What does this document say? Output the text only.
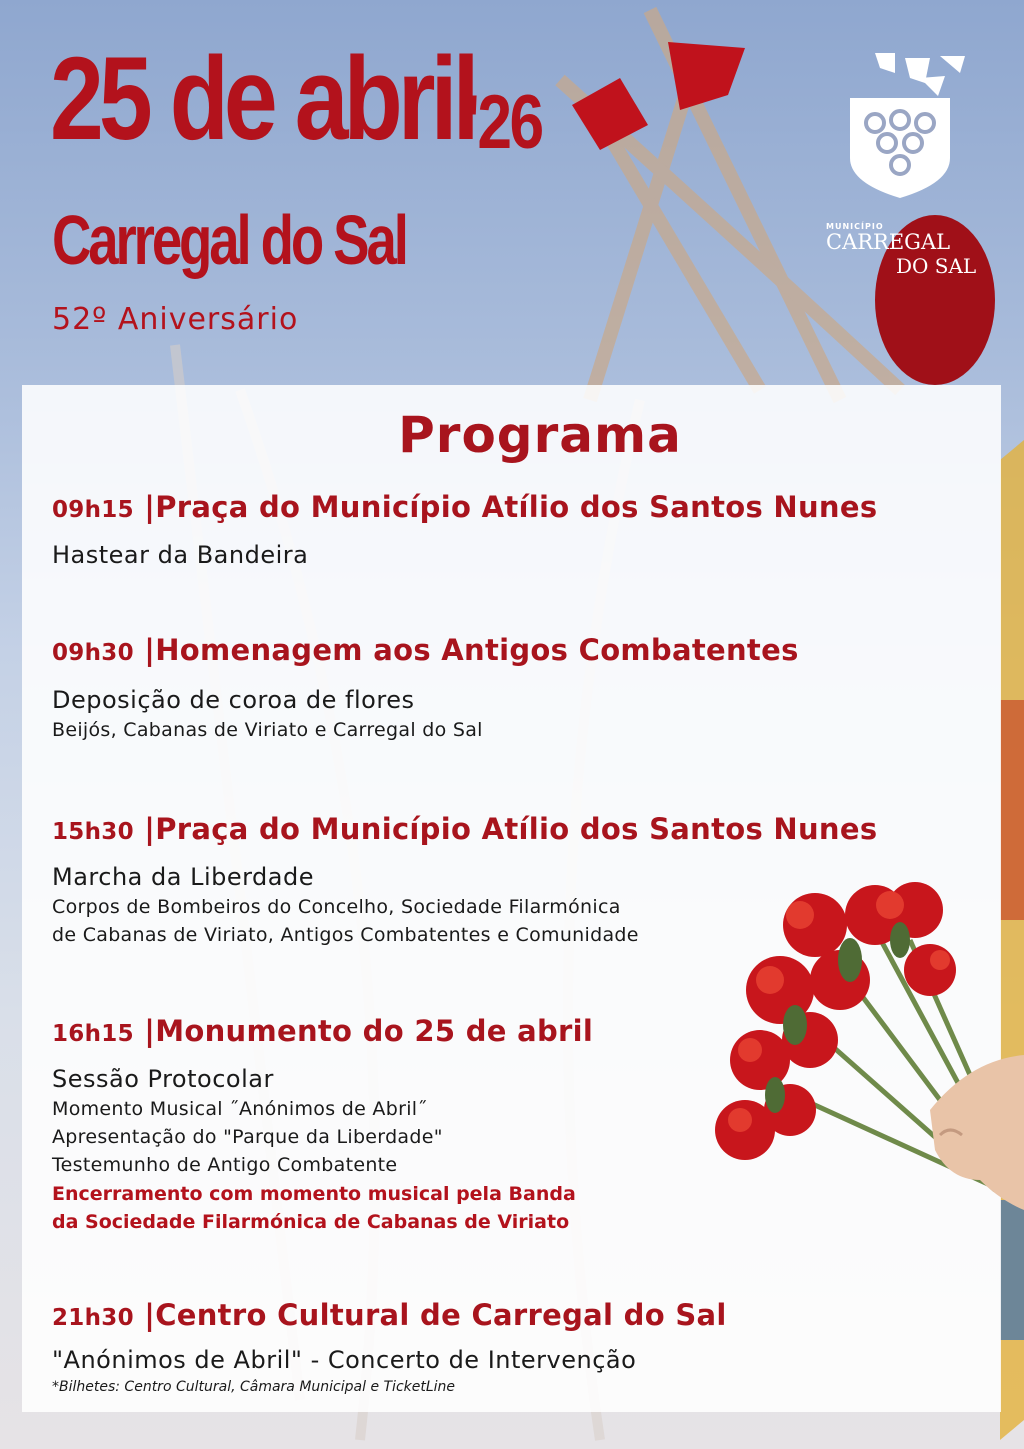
25 de abril
'26
Carregal do Sal
52º Aniversário
MUNICÍPIO
CARREGAL
DO SAL
Programa

09h15 |Praça do Município Atílio dos Santos Nunes

Hastear da Bandeira

09h30 |Homenagem aos Antigos Combatentes

Deposição de coroa de flores

Beijós, Cabanas de Viriato e Carregal do Sal

15h30 |Praça do Município Atílio dos Santos Nunes

Marcha da Liberdade

Corpos de Bombeiros do Concelho, Sociedade Filarmónica

de Cabanas de Viriato, Antigos Combatentes e Comunidade

16h15 |Monumento do 25 de abril

Sessão Protocolar

Momento Musical ˝Anónimos de Abril˝

Apresentação do "Parque da Liberdade"

Testemunho de Antigo Combatente

Encerramento com momento musical pela Banda

da Sociedade Filarmónica de Cabanas de Viriato

21h30 |Centro Cultural de Carregal do Sal

"Anónimos de Abril" - Concerto de Intervenção

*Bilhetes: Centro Cultural, Câmara Municipal e TicketLine
